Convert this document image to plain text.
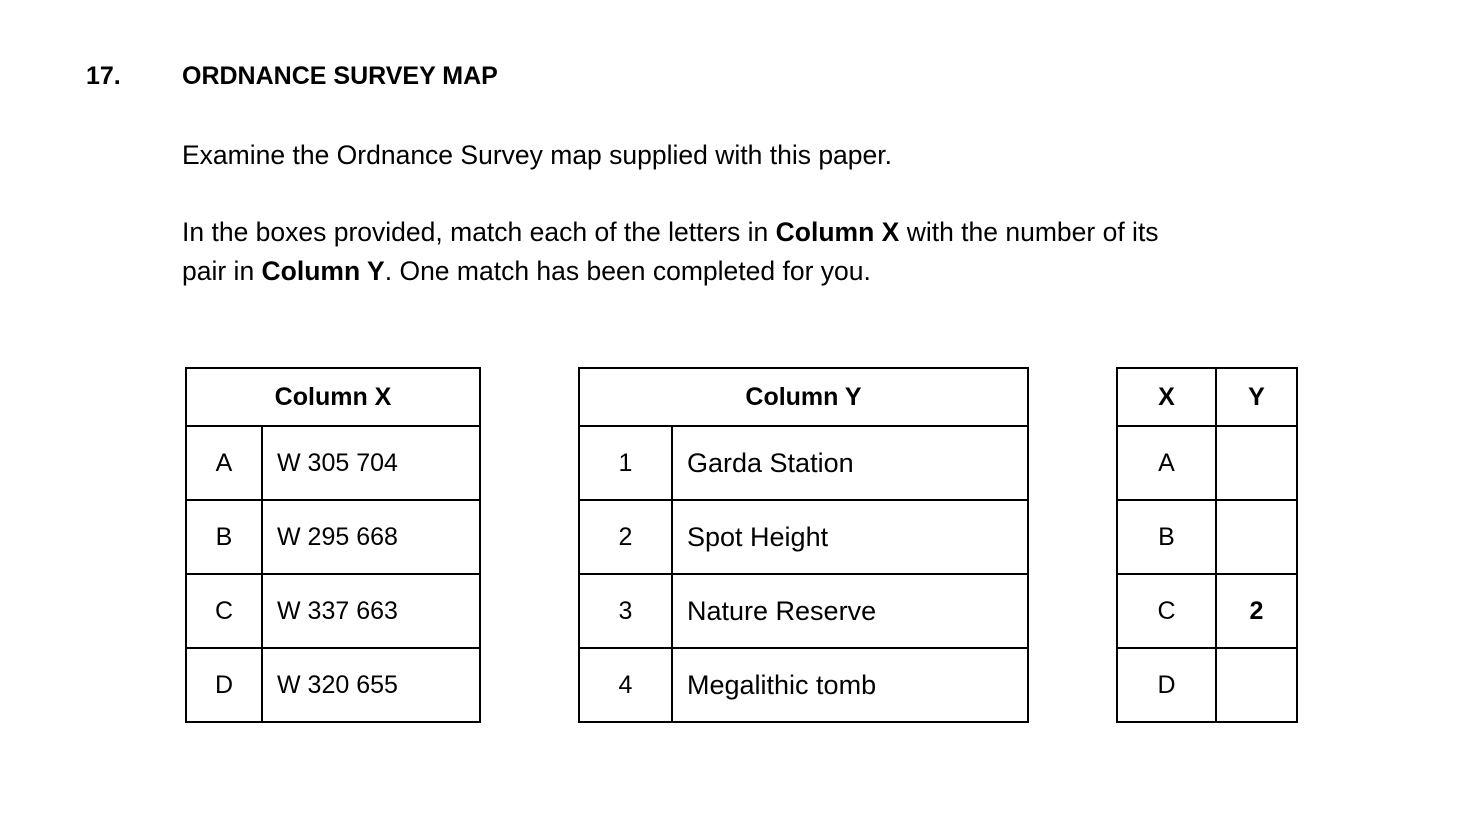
17. ORDNANCE SURVEY MAP
Examine the Ordnance Survey map supplied with this paper.
In the boxes provided, match each of the letters in Column X with the number of its
pair in Column Y. One match has been completed for you.
Column X	
A	W 305 704
B	W 295 668
C	W 337 663
D	W 320 655
Column Y	
1	Garda Station
2	Spot Height
3	Nature Reserve
4	Megalithic tomb
X	Y
A	
B	
C	2
D	
